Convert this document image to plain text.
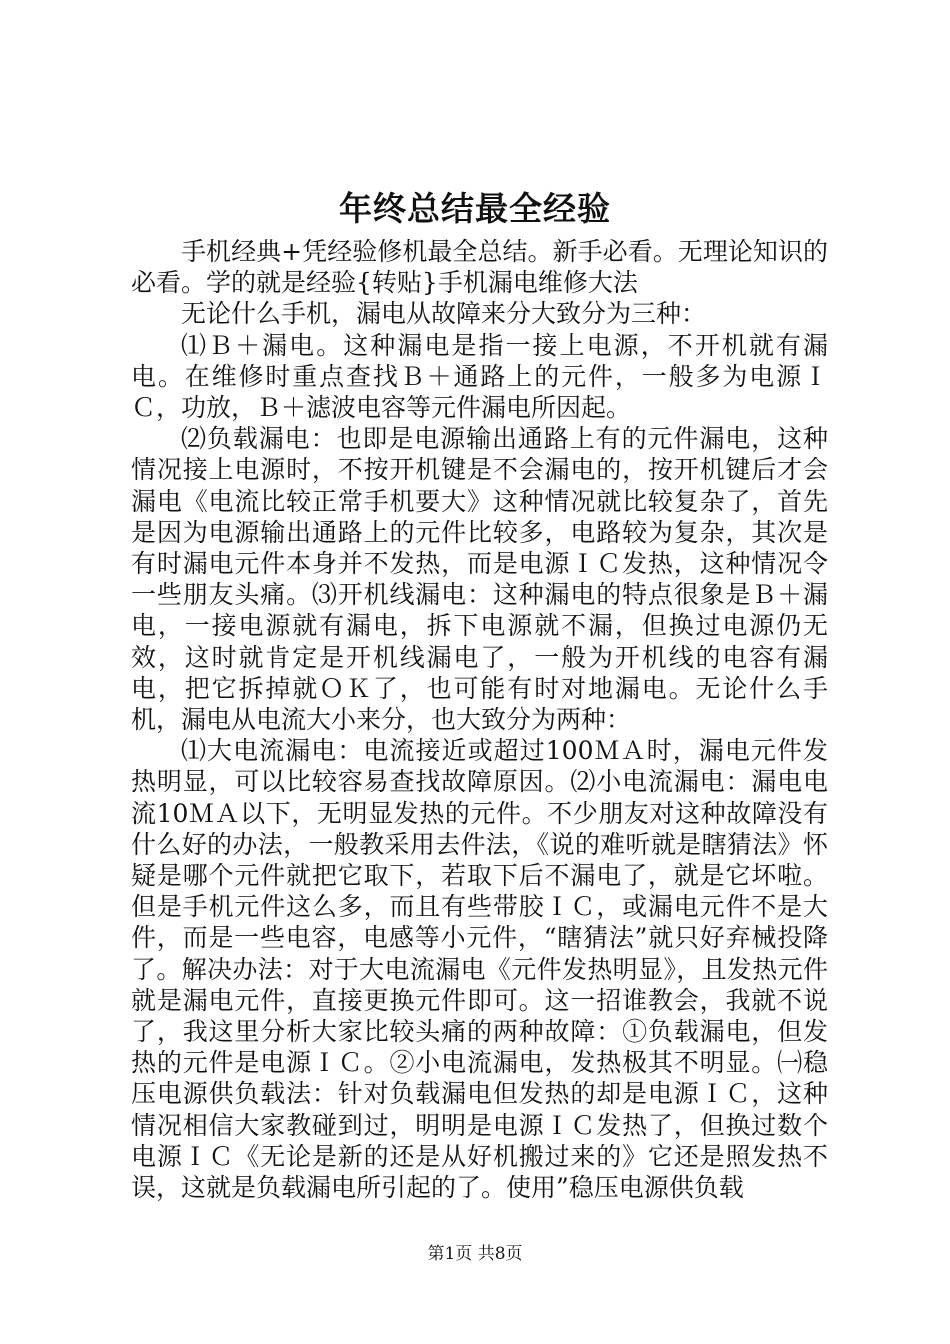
年终总结最全经验

手机经典+凭经验修机最全总结。新手必看。无理论知识的必看。学的就是经验{转贴}手机漏电维修大法

无论什么手机，漏电从故障来分大致分为三种：

⑴Ｂ＋漏电。这种漏电是指一接上电源，不开机就有漏电。在维修时重点查找Ｂ＋通路上的元件，一般多为电源ＩＣ，功放，Ｂ＋滤波电容等元件漏电所因起。

⑵负载漏电：也即是电源输出通路上有的元件漏电，这种情况接上电源时，不按开机键是不会漏电的，按开机键后才会漏电《电流比较正常手机要大》这种情况就比较复杂了，首先是因为电源输出通路上的元件比较多，电路较为复杂，其次是有时漏电元件本身并不发热，而是电源ＩＣ发热，这种情况令一些朋友头痛。⑶开机线漏电：这种漏电的特点很象是Ｂ＋漏电，一接电源就有漏电，拆下电源就不漏，但换过电源仍无效，这时就肯定是开机线漏电了，一般为开机线的电容有漏电，把它拆掉就ＯＫ了，也可能有时对地漏电。无论什么手机，漏电从电流大小来分，也大致分为两种：

⑴大电流漏电：电流接近或超过100ＭＡ时，漏电元件发热明显，可以比较容易查找故障原因。⑵小电流漏电：漏电电流10ＭＡ以下，无明显发热的元件。不少朋友对这种故障没有什么好的办法，一般教采用去件法，《说的难听就是瞎猜法》怀疑是哪个元件就把它取下，若取下后不漏电了，就是它坏啦。但是手机元件这么多，而且有些带胶ＩＣ，或漏电元件不是大件，而是一些电容，电感等小元件，“瞎猜法”就只好弃械投降了。解决办法：对于大电流漏电《元件发热明显》，且发热元件就是漏电元件，直接更换元件即可。这一招谁教会，我就不说了，我这里分析大家比较头痛的两种故障：①负载漏电，但发热的元件是电源ＩＣ。②小电流漏电，发热极其不明显。㈠稳压电源供负载法：针对负载漏电但发热的却是电源ＩＣ，这种情况相信大家教碰到过，明明是电源ＩＣ发热了，但换过数个电源ＩＣ《无论是新的还是从好机搬过来的》它还是照发热不误，这就是负载漏电所引起的了。使用”稳压电源供负载

第1页 共8页
